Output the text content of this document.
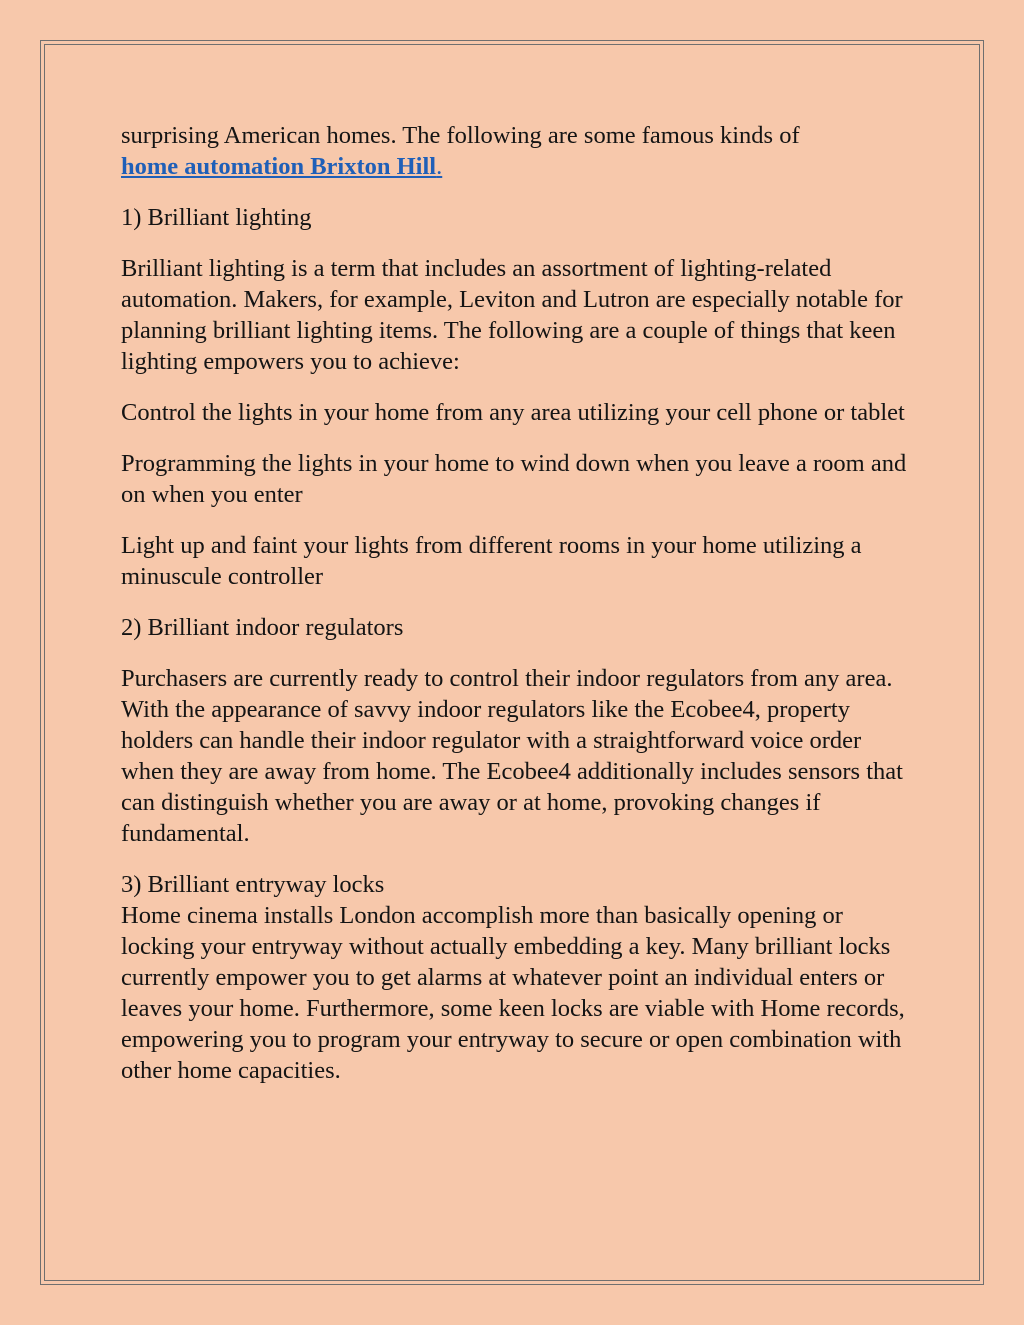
surprising American homes. The following are some famous kinds of
home automation Brixton Hill.

1) Brilliant lighting

Brilliant lighting is a term that includes an assortment of lighting-related automation. Makers, for example, Leviton and Lutron are especially notable for planning brilliant lighting items. The following are a couple of things that keen lighting empowers you to achieve:

Control the lights in your home from any area utilizing your cell phone or tablet

Programming the lights in your home to wind down when you leave a room and on when you enter

Light up and faint your lights from different rooms in your home utilizing a minuscule controller

2) Brilliant indoor regulators

Purchasers are currently ready to control their indoor regulators from any area. With the appearance of savvy indoor regulators like the Ecobee4, property holders can handle their indoor regulator with a straightforward voice order when they are away from home. The Ecobee4 additionally includes sensors that can distinguish whether you are away or at home, provoking changes if fundamental.

3) Brilliant entryway locks

Home cinema installs London accomplish more than basically opening or locking your entryway without actually embedding a key. Many brilliant locks currently empower you to get alarms at whatever point an individual enters or leaves your home. Furthermore, some keen locks are viable with Home records, empowering you to program your entryway to secure or open combination with other home capacities.
